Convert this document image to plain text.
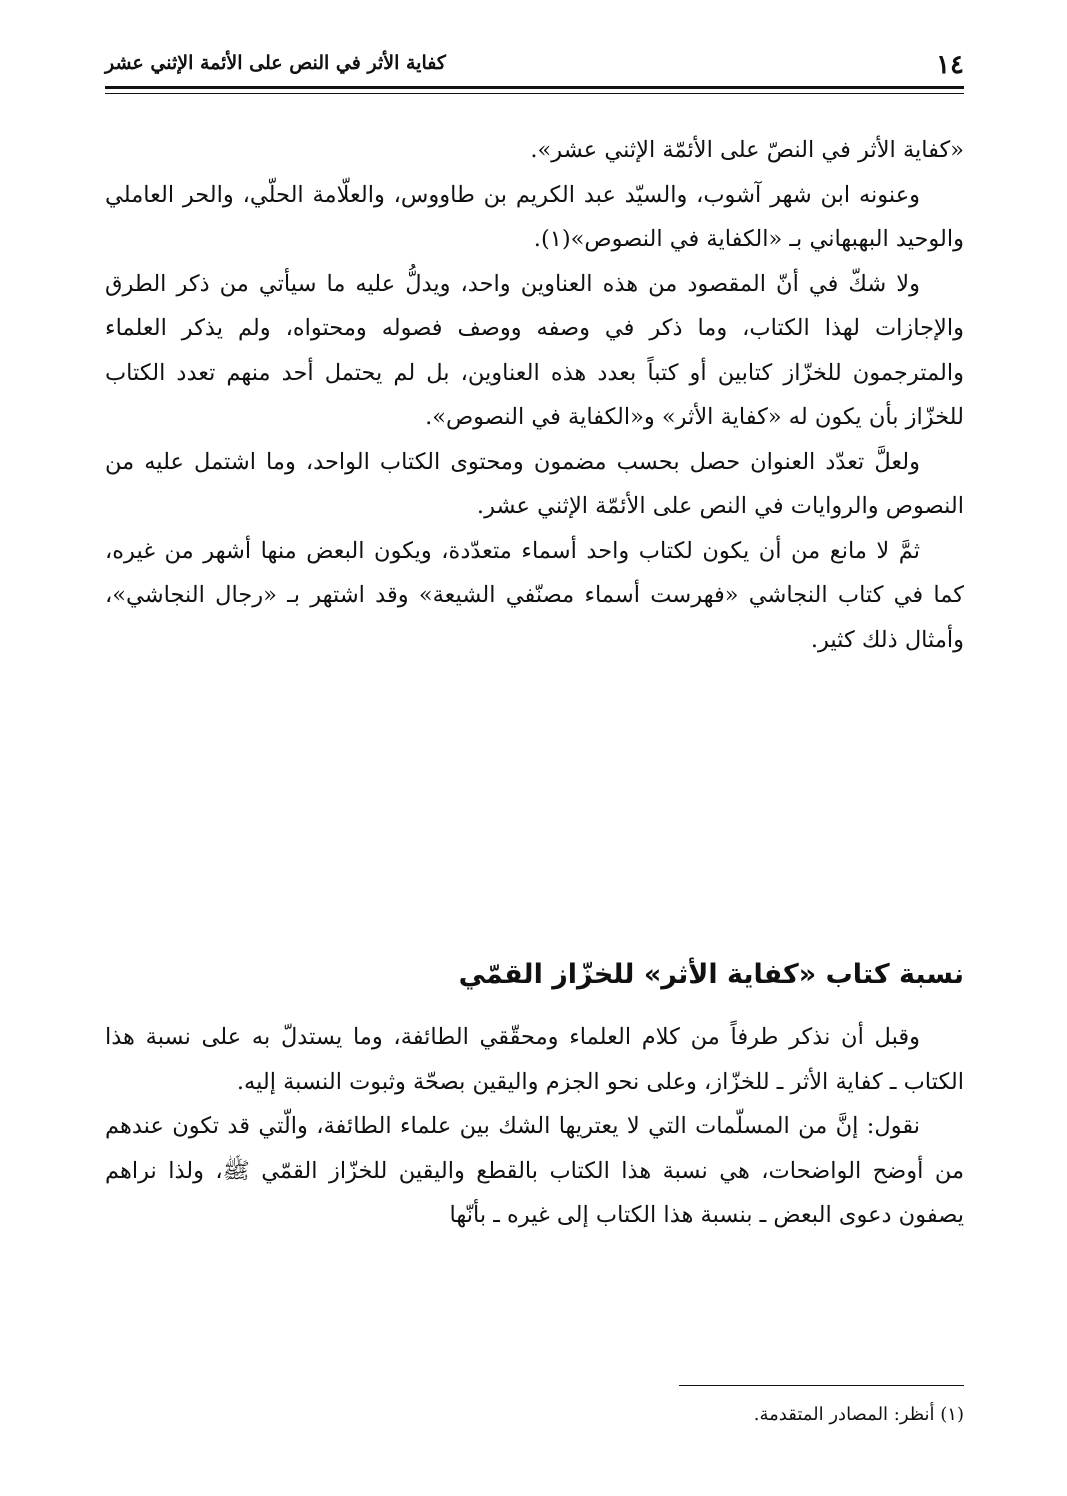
١٤
كفاية الأثر في النص على الأئمة الإثني عشر

«كفاية الأثر في النصّ على الأئمّة الإثني عشر».

وعنونه ابن شهر آشوب، والسيّد عبد الكريم بن طاووس، والعلّامة الحلّي، والحر العاملي والوحيد البهبهاني بـ «الكفاية في النصوص»(١).

ولا شكّ في أنّ المقصود من هذه العناوين واحد، ويدلُّ عليه ما سيأتي من ذكر الطرق والإجازات لهذا الكتاب، وما ذكر في وصفه ووصف فصوله ومحتواه، ولم يذكر العلماء والمترجمون للخزّاز كتابين أو كتباً بعدد هذه العناوين، بل لم يحتمل أحد منهم تعدد الكتاب للخزّاز بأن يكون له «كفاية الأثر» و«الكفاية في النصوص».

ولعلَّ تعدّد العنوان حصل بحسب مضمون ومحتوى الكتاب الواحد، وما اشتمل عليه من النصوص والروايات في النص على الأئمّة الإثني عشر.

ثمَّ لا مانع من أن يكون لكتاب واحد أسماء متعدّدة، ويكون البعض منها أشهر من غيره، كما في كتاب النجاشي «فهرست أسماء مصنّفي الشيعة» وقد اشتهر بـ «رجال النجاشي»، وأمثال ذلك كثير.

نسبة كتاب «كفاية الأثر» للخزّاز القمّي

وقبل أن نذكر طرفاً من كلام العلماء ومحقّقي الطائفة، وما يستدلّ به على نسبة هذا الكتاب ـ كفاية الأثر ـ للخزّاز، وعلى نحو الجزم واليقين بصحّة وثبوت النسبة إليه.

نقول: إنَّ من المسلّمات التي لا يعتريها الشك بين علماء الطائفة، والّتي قد تكون عندهم من أوضح الواضحات، هي نسبة هذا الكتاب بالقطع واليقين للخزّاز القمّي ﷺ، ولذا نراهم يصفون دعوى البعض ـ بنسبة هذا الكتاب إلى غيره ـ بأنّها

(١) أنظر: المصادر المتقدمة.
